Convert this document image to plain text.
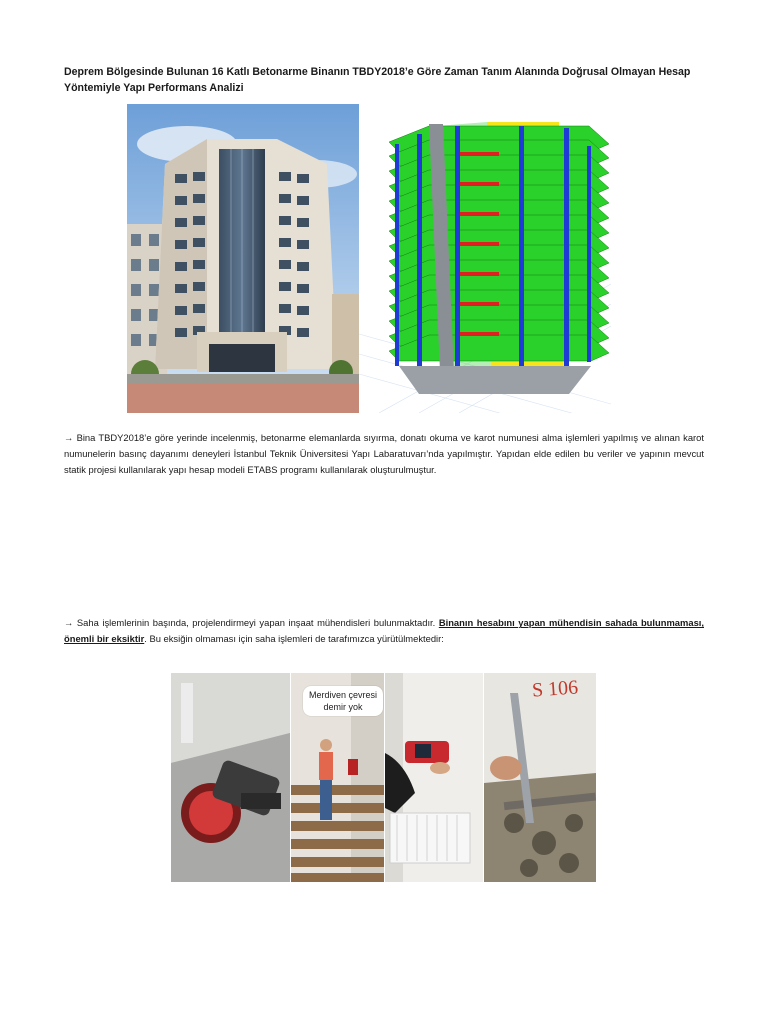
Deprem Bölgesinde Bulunan 16 Katlı Betonarme Binanın TBDY2018’e Göre Zaman Tanım Alanında Doğrusal Olmayan Hesap Yöntemiyle Yapı Performans Analizi

→ Bina TBDY2018’e göre yerinde incelenmiş, betonarme elemanlarda sıyırma, donatı okuma ve karot numunesi alma işlemleri yapılmış ve alınan karot numunelerin basınç dayanımı deneyleri İstanbul Teknik Üniversitesi Yapı Labaratuvarı’nda yapılmıştır. Yapıdan elde edilen bu veriler ve yapının mevcut statik projesi kullanılarak yapı hesap modeli ETABS programı kullanılarak oluşturulmuştur.

→ Saha işlemlerinin başında, projelendirmeyi yapan inşaat mühendisleri bulunmaktadır. Binanın hesabını yapan mühendisin sahada bulunmaması, önemli bir eksiktir. Bu eksiğin olmaması için saha işlemleri de tarafımızca yürütülmektedir:

Merdiven çevresi demir yok
S 106
